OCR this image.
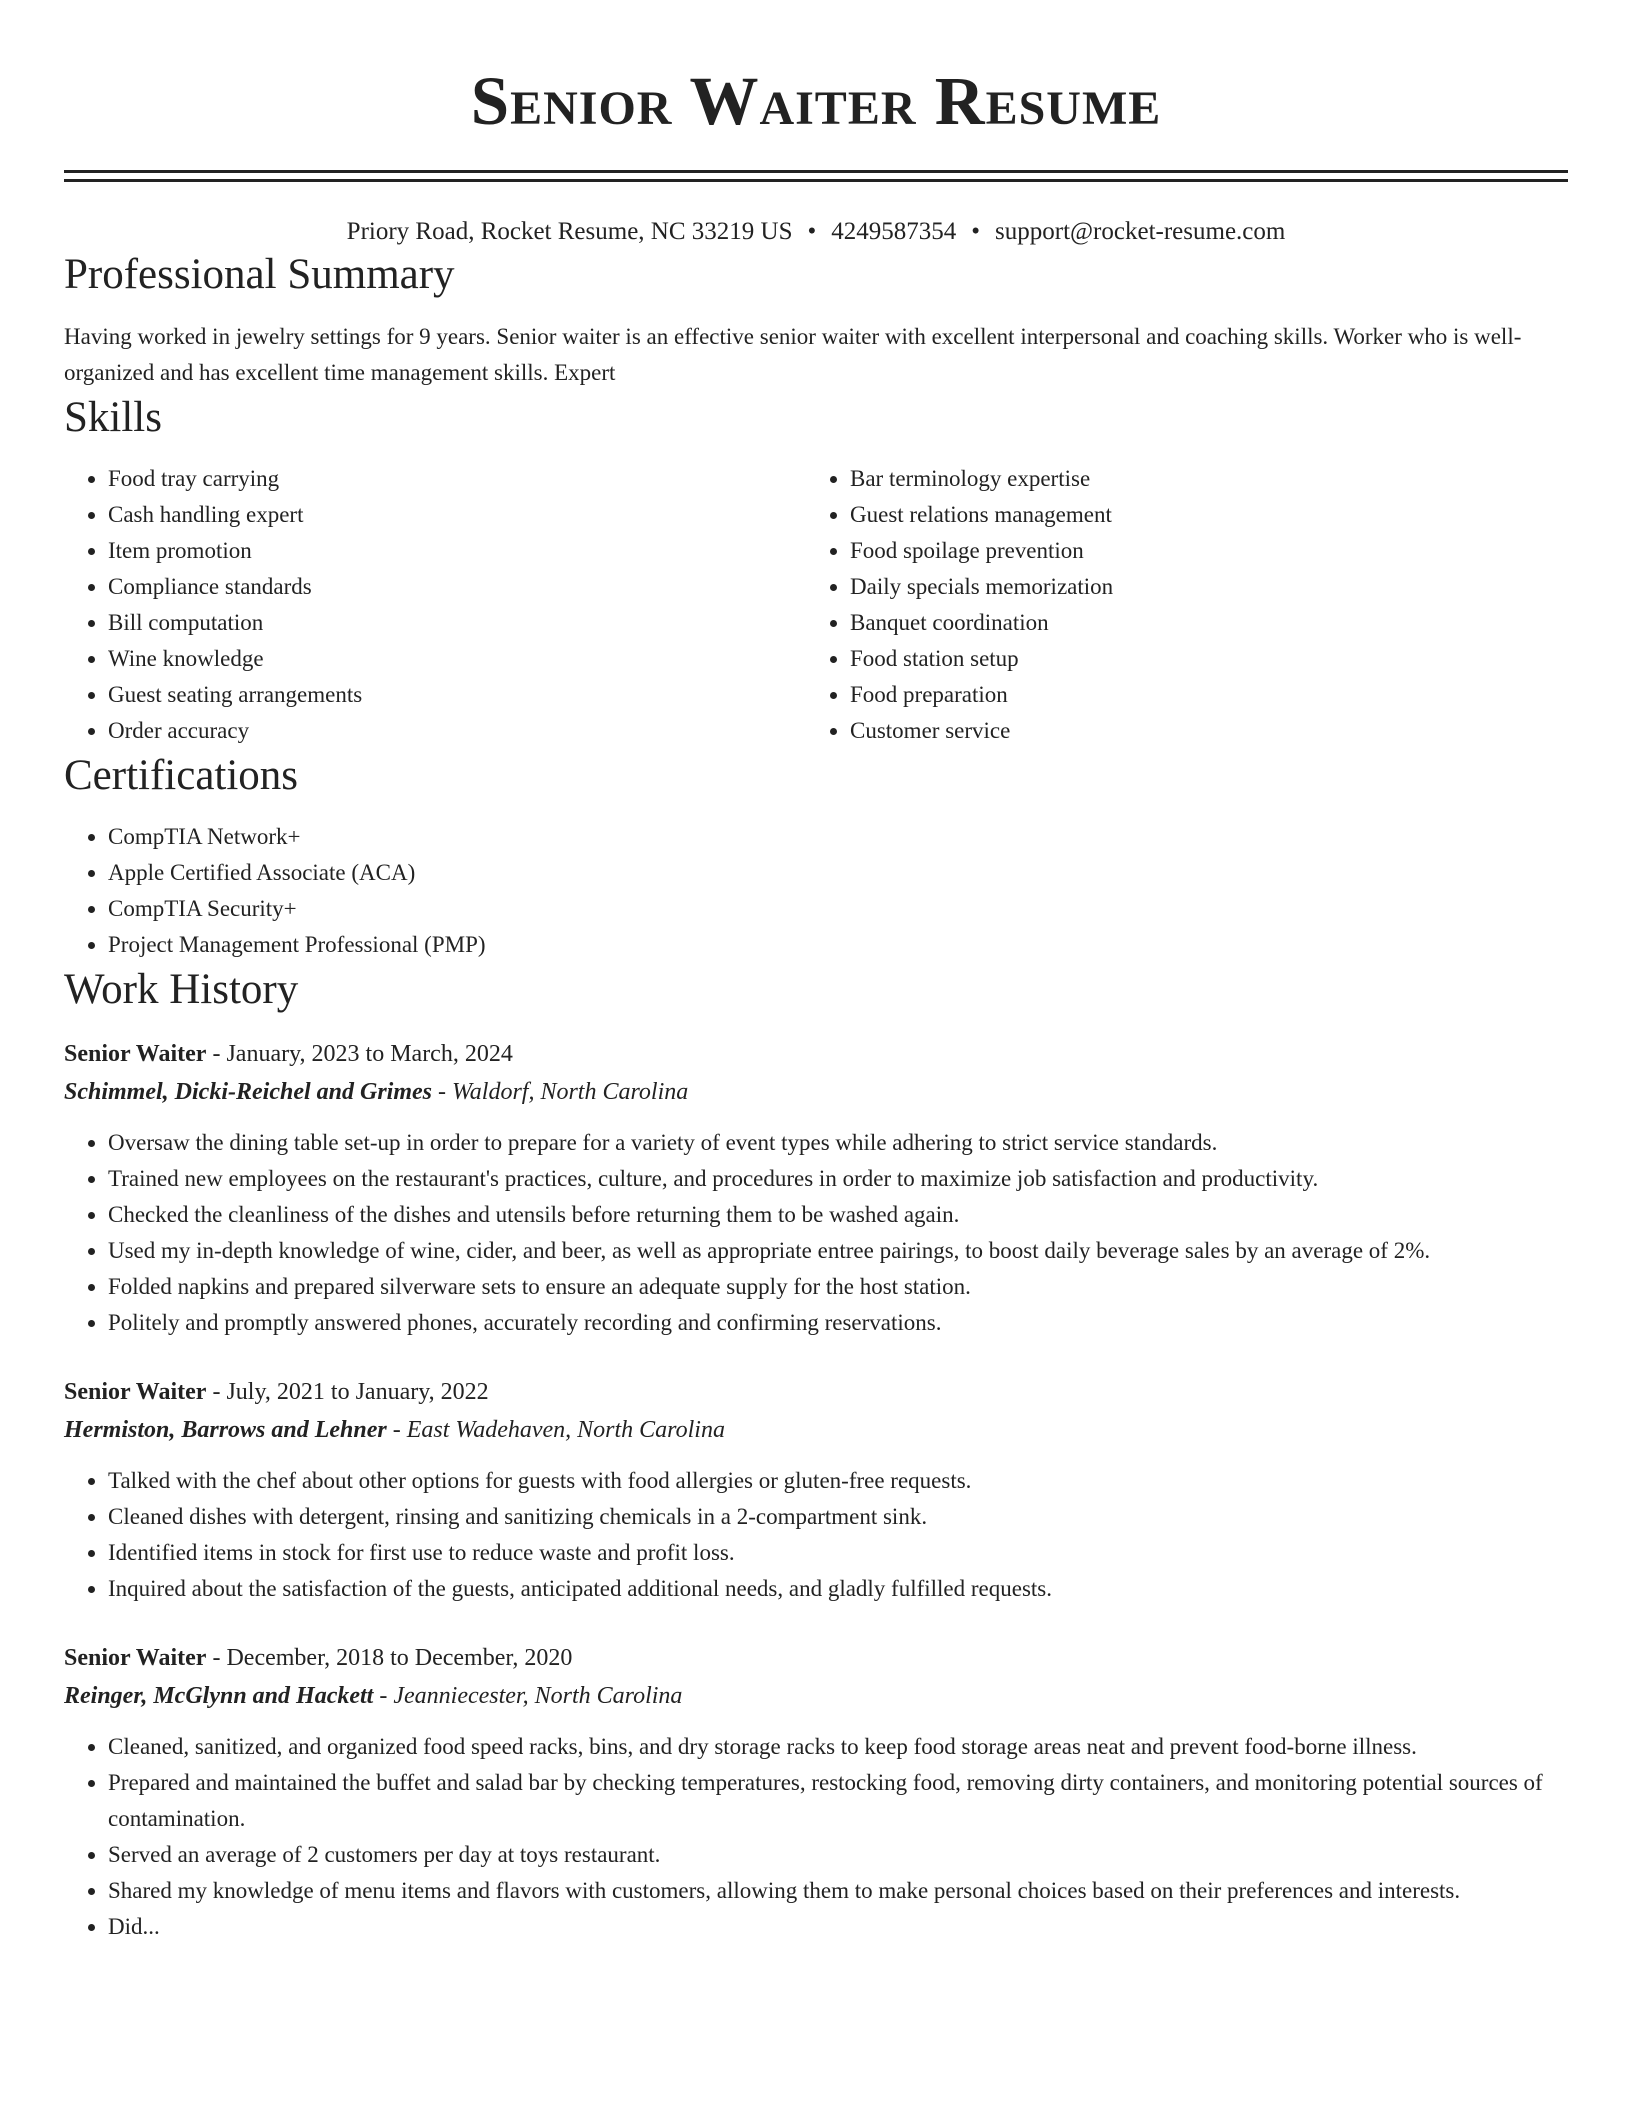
Senior Waiter Resume
Priory Road, Rocket Resume, NC 33219 US • 4249587354 • support@rocket-resume.com
Professional Summary

Having worked in jewelry settings for 9 years. Senior waiter is an effective senior waiter with excellent interpersonal and coaching skills. Worker who is well-organized and has excellent time management skills. Expert

Skills
• Food tray carrying
• Cash handling expert
• Item promotion
• Compliance standards
• Bill computation
• Wine knowledge
• Guest seating arrangements
• Order accuracy
• Bar terminology expertise
• Guest relations management
• Food spoilage prevention
• Daily specials memorization
• Banquet coordination
• Food station setup
• Food preparation
• Customer service
Certifications
• CompTIA Network+
• Apple Certified Associate (ACA)
• CompTIA Security+
• Project Management Professional (PMP)
Work History
Senior Waiter - January, 2023 to March, 2024
Schimmel, Dicki-Reichel and Grimes - Waldorf, North Carolina
• Oversaw the dining table set-up in order to prepare for a variety of event types while adhering to strict service standards.
• Trained new employees on the restaurant's practices, culture, and procedures in order to maximize job satisfaction and productivity.
• Checked the cleanliness of the dishes and utensils before returning them to be washed again.
• Used my in-depth knowledge of wine, cider, and beer, as well as appropriate entree pairings, to boost daily beverage sales by an average of 2%.
• Folded napkins and prepared silverware sets to ensure an adequate supply for the host station.
• Politely and promptly answered phones, accurately recording and confirming reservations.
Senior Waiter - July, 2021 to January, 2022
Hermiston, Barrows and Lehner - East Wadehaven, North Carolina
• Talked with the chef about other options for guests with food allergies or gluten-free requests.
• Cleaned dishes with detergent, rinsing and sanitizing chemicals in a 2-compartment sink.
• Identified items in stock for first use to reduce waste and profit loss.
• Inquired about the satisfaction of the guests, anticipated additional needs, and gladly fulfilled requests.
Senior Waiter - December, 2018 to December, 2020
Reinger, McGlynn and Hackett - Jeanniecester, North Carolina
• Cleaned, sanitized, and organized food speed racks, bins, and dry storage racks to keep food storage areas neat and prevent food-borne illness.
• Prepared and maintained the buffet and salad bar by checking temperatures, restocking food, removing dirty containers, and monitoring potential sources of contamination.
• Served an average of 2 customers per day at toys restaurant.
• Shared my knowledge of menu items and flavors with customers, allowing them to make personal choices based on their preferences and interests.
• Did...
